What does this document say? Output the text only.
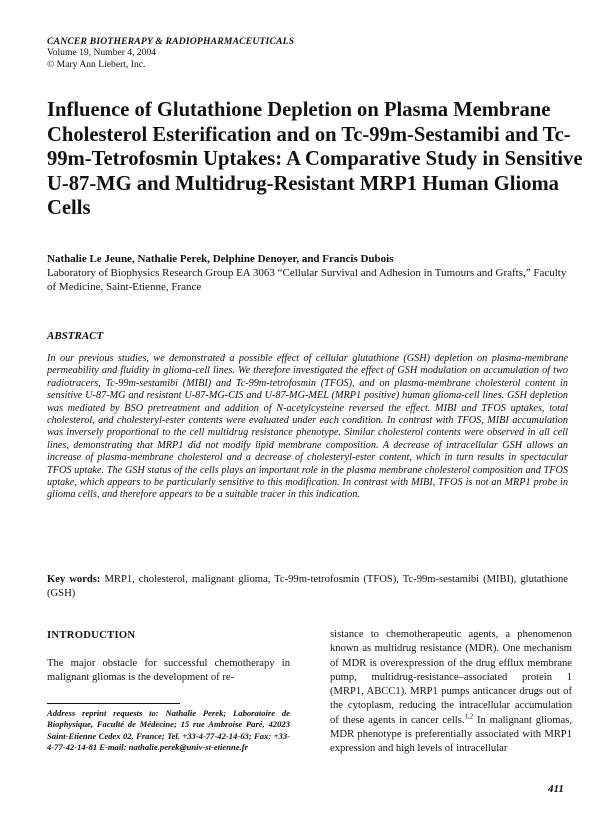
CANCER BIOTHERAPY & RADIOPHARMACEUTICALS
Volume 19, Number 4, 2004
© Mary Ann Liebert, Inc.
Influence of Glutathione Depletion on Plasma Membrane Cholesterol Esterification and on Tc-99m-Sestamibi and Tc-99m-Tetrofosmin Uptakes: A Comparative Study in Sensitive U-87-MG and Multidrug-Resistant MRP1 Human Glioma Cells
Nathalie Le Jeune, Nathalie Perek, Delphine Denoyer, and Francis Dubois
Laboratory of Biophysics Research Group EA 3063 “Cellular Survival and Adhesion in Tumours and Grafts,” Faculty of Medicine, Saint-Etienne, France
ABSTRACT

In our previous studies, we demonstrated a possible effect of cellular glutathione (GSH) depletion on plasma-membrane permeability and fluidity in glioma-cell lines. We therefore investigated the effect of GSH modulation on accumulation of two radiotracers, Tc-99m-sestamibi (MIBI) and Tc-99m-tetrofosmin (TFOS), and on plasma-membrane cholesterol content in sensitive U-87-MG and resistant U-87-MG-CIS and U-87-MG-MEL (MRP1 positive) human glioma-cell lines. GSH depletion was mediated by BSO pretreatment and addition of N-acetylcysteine reversed the effect. MIBI and TFOS uptakes, total cholesterol, and cholesteryl-ester contents were evaluated under each condition. In contrast with TFOS, MIBI accumulation was inversely proportional to the cell multidrug resistance phenotype. Similar cholesterol contents were observed in all cell lines, demonstrating that MRP1 did not modify lipid membrane composition. A decrease of intracellular GSH allows an increase of plasma-membrane cholesterol and a decrease of cholesteryl-ester content, which in turn results in spectacular TFOS uptake. The GSH status of the cells plays an important role in the plasma membrane cholesterol composition and TFOS uptake, which appears to be particularly sensitive to this modification. In contrast with MIBI, TFOS is not an MRP1 probe in glioma cells, and therefore appears to be a suitable tracer in this indication.

Key words: MRP1, cholesterol, malignant glioma, Tc-99m-tetrofosmin (TFOS), Tc-99m-sestamibi (MIBI), glutathione (GSH)

INTRODUCTION

The major obstacle for successful chemotherapy in malignant gliomas is the development of re-

sistance to chemotherapeutic agents, a phenomenon known as multidrug resistance (MDR). One mechanism of MDR is overexpression of the drug efflux membrane pump, multidrug-resistance–associated protein 1 (MRP1, ABCC1). MRP1 pumps anticancer drugs out of the cytoplasm, reducing the intracellular accumulation of these agents in cancer cells.$^{1,2}$ In malignant gliomas, MDR phenotype is preferentially associated with MRP1 expression and high levels of intracellular

Address reprint requests to: Nathalie Perek; Laboratoire de Biophysique, Faculté de Médecine; 15 rue Ambroise Paré, 42023 Saint-Etienne Cedex 02, France; Tel. +33-4-77-42-14-63; Fax: +33-4-77-42-14-81 E-mail: nathalie.perek@univ-st-etienne.fr

411
